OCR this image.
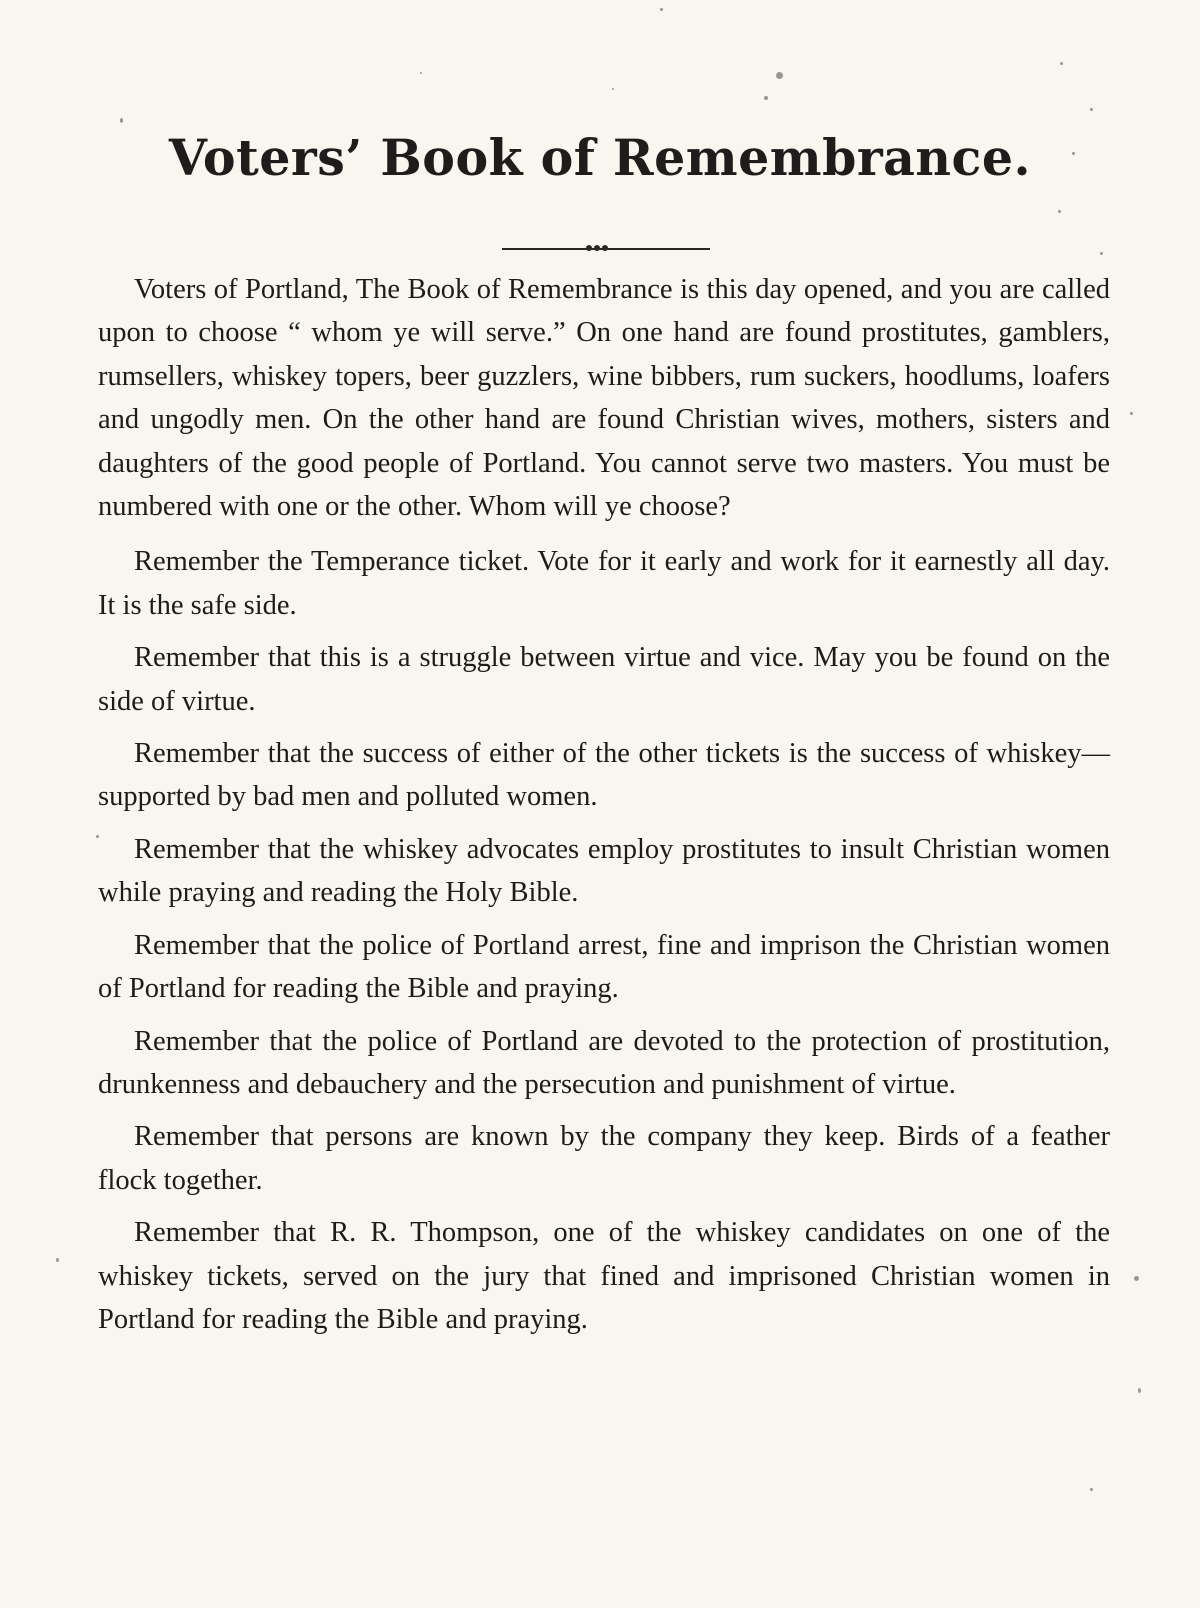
Voters’ Book of Remembrance.

Voters of Portland, The Book of Remembrance is this day opened, and you are called upon to choose “ whom ye will serve.” On one hand are found prostitutes, gamblers, rumsellers, whiskey topers, beer guzzlers, wine bibbers, rum suckers, hoodlums, loafers and ungodly men. On the other hand are found Christian wives, mothers, sisters and daughters of the good people of Portland. You cannot serve two masters. You must be numbered with one or the other. Whom will ye choose?

Remember the Temperance ticket. Vote for it early and work for it earnestly all day. It is the safe side.

Remember that this is a struggle between virtue and vice. May you be found on the side of virtue.

Remember that the success of either of the other tickets is the success of whiskey—supported by bad men and polluted women.

Remember that the whiskey advocates employ prostitutes to insult Christian women while praying and reading the Holy Bible.

Remember that the police of Portland arrest, fine and imprison the Christian women of Portland for reading the Bible and praying.

Remember that the police of Portland are devoted to the protection of prostitution, drunkenness and debauchery and the persecution and punishment of virtue.

Remember that persons are known by the company they keep. Birds of a feather flock together.

Remember that R. R. Thompson, one of the whiskey candidates on one of the whiskey tickets, served on the jury that fined and imprisoned Christian women in Portland for reading the Bible and praying.
